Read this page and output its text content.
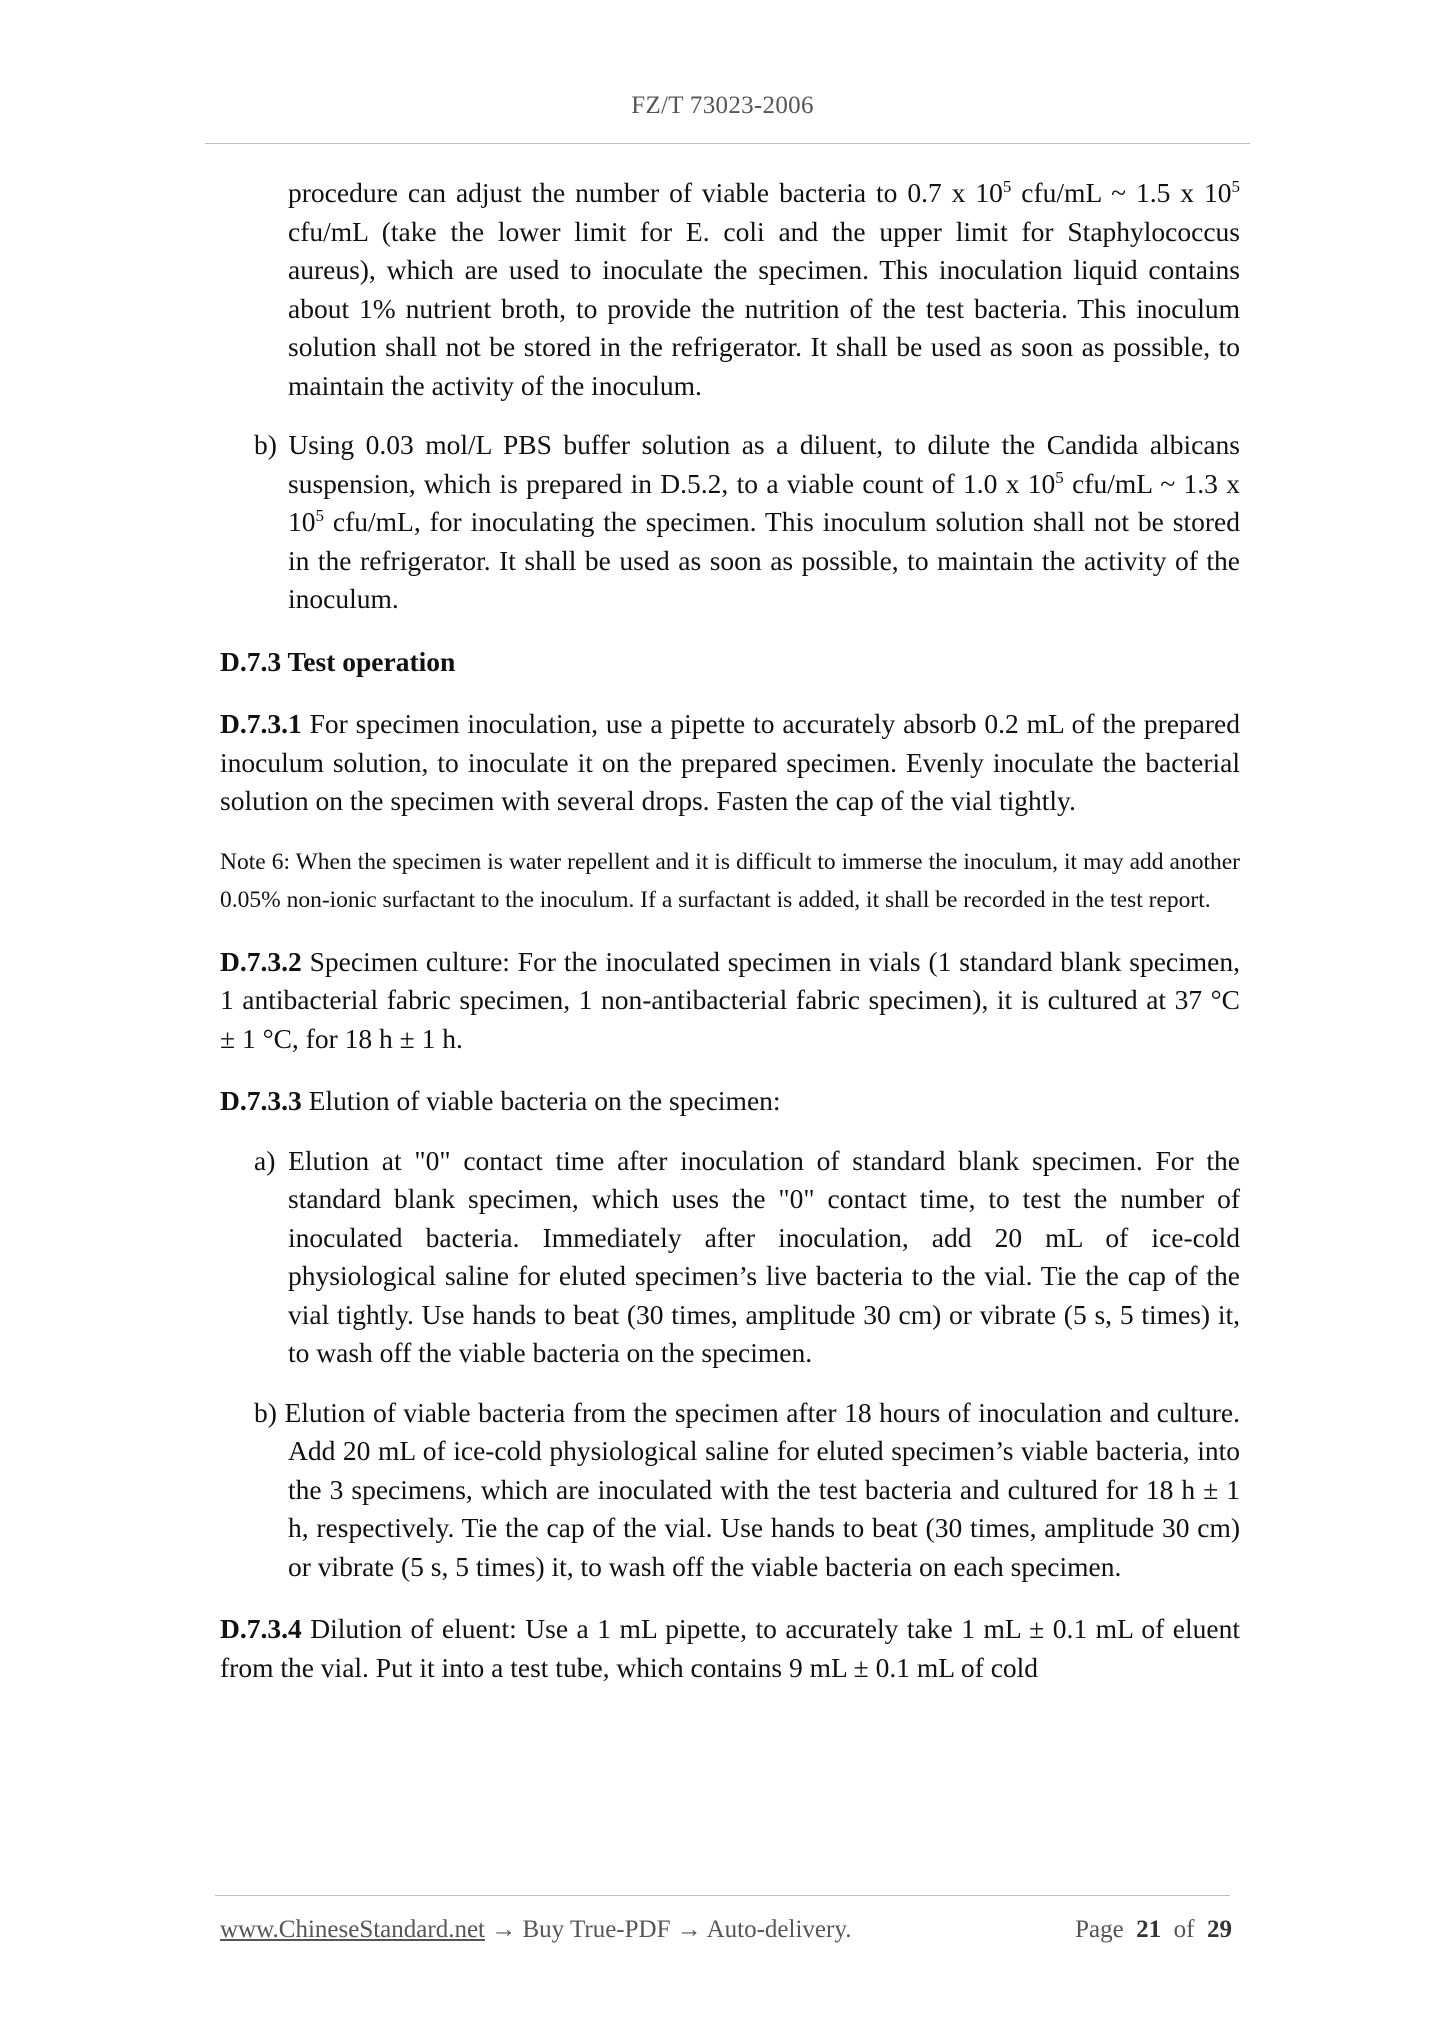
FZ/T 73023-2006

procedure can adjust the number of viable bacteria to 0.7 x $10^5$ cfu/mL ~ 1.5 x $10^5$ cfu/mL (take the lower limit for E. coli and the upper limit for Staphylococcus aureus), which are used to inoculate the specimen. This inoculation liquid contains about 1% nutrient broth, to provide the nutrition of the test bacteria. This inoculum solution shall not be stored in the refrigerator. It shall be used as soon as possible, to maintain the activity of the inoculum.

b) Using 0.03 mol/L PBS buffer solution as a diluent, to dilute the Candida albicans suspension, which is prepared in D.5.2, to a viable count of 1.0 x $10^5$ cfu/mL ~ 1.3 x $10^5$ cfu/mL, for inoculating the specimen. This inoculum solution shall not be stored in the refrigerator. It shall be used as soon as possible, to maintain the activity of the inoculum.

D.7.3 Test operation

D.7.3.1 For specimen inoculation, use a pipette to accurately absorb 0.2 mL of the prepared inoculum solution, to inoculate it on the prepared specimen. Evenly inoculate the bacterial solution on the specimen with several drops. Fasten the cap of the vial tightly.

Note 6: When the specimen is water repellent and it is difficult to immerse the inoculum, it may add another 0.05% non-ionic surfactant to the inoculum. If a surfactant is added, it shall be recorded in the test report.

D.7.3.2 Specimen culture: For the inoculated specimen in vials (1 standard blank specimen, 1 antibacterial fabric specimen, 1 non-antibacterial fabric specimen), it is cultured at 37 °C ± 1 °C, for 18 h ± 1 h.

D.7.3.3 Elution of viable bacteria on the specimen:

a) Elution at "0" contact time after inoculation of standard blank specimen. For the standard blank specimen, which uses the "0" contact time, to test the number of inoculated bacteria. Immediately after inoculation, add 20 mL of ice-cold physiological saline for eluted specimen’s live bacteria to the vial. Tie the cap of the vial tightly. Use hands to beat (30 times, amplitude 30 cm) or vibrate (5 s, 5 times) it, to wash off the viable bacteria on the specimen.

b) Elution of viable bacteria from the specimen after 18 hours of inoculation and culture. Add 20 mL of ice-cold physiological saline for eluted specimen’s viable bacteria, into the 3 specimens, which are inoculated with the test bacteria and cultured for 18 h ± 1 h, respectively. Tie the cap of the vial. Use hands to beat (30 times, amplitude 30 cm) or vibrate (5 s, 5 times) it, to wash off the viable bacteria on each specimen.

D.7.3.4 Dilution of eluent: Use a 1 mL pipette, to accurately take 1 mL ± 0.1 mL of eluent from the vial. Put it into a test tube, which contains 9 mL ± 0.1 mL of cold

www.ChineseStandard.net → Buy True-PDF → Auto-delivery.	Page 21 of 29
